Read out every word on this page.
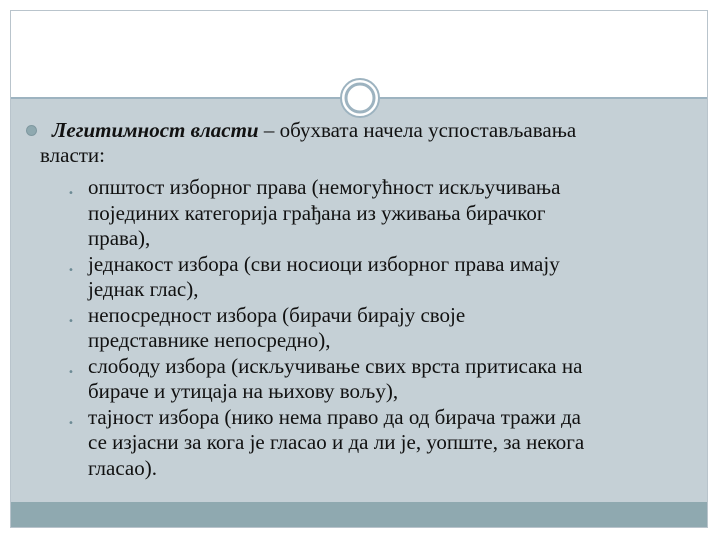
Легитимност власти – обухвата начела успостављавања
власти:
• општост изборног права (немогућност искључивања
појединих категорија грађана из уживања бирачког
права),
• једнакост избора (сви носиоци изборног права имају
једнак глас),
• непосредност избора (бирачи бирају своје
представнике непосредно),
• слободу избора (искључивање свих врста притисака на
бираче и утицаја на њихову вољу),
• тајност избора (нико нема право да од бирача тражи да
се изјасни за кога је гласао и да ли је, уопште, за некога
гласао).
